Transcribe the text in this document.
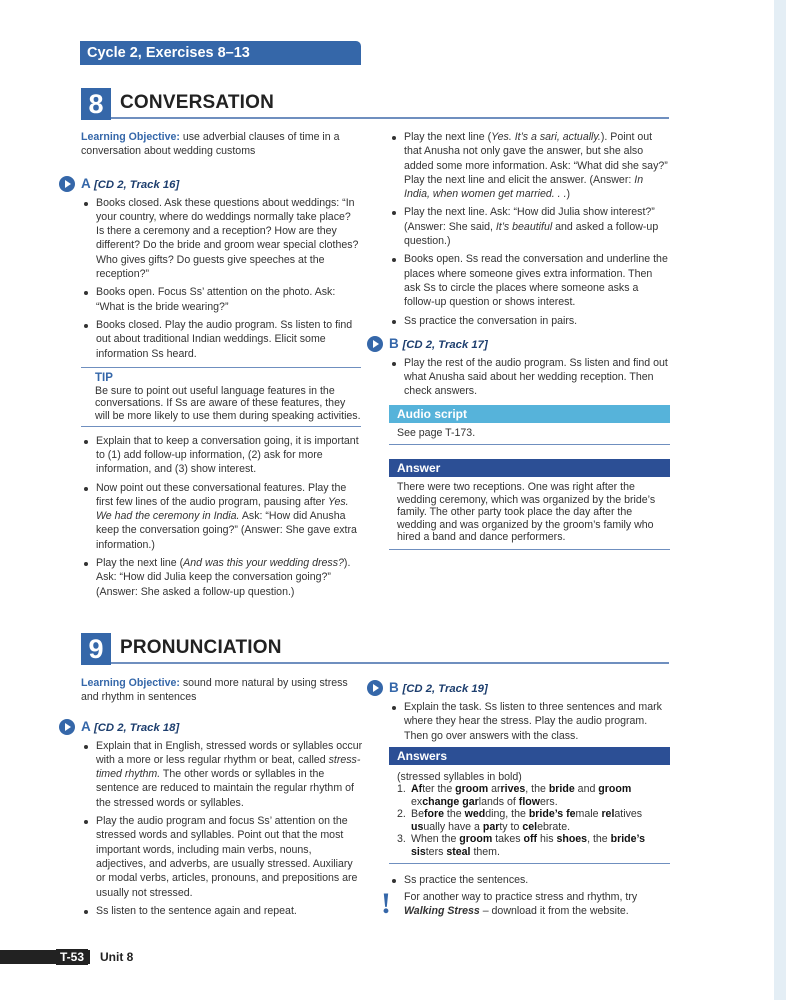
Cycle 2, Exercises 8–13
8 CONVERSATION

Learning Objective: use adverbial clauses of time in a conversation about wedding customs

A [CD 2, Track 16]
Books closed. Ask these questions about weddings: “In your country, where do weddings normally take place? Is there a ceremony and a reception? How are they different? Do the bride and groom wear special clothes? Who gives gifts? Do guests give speeches at the reception?”
Books open. Focus Ss’ attention on the photo. Ask: “What is the bride wearing?”
Books closed. Play the audio program. Ss listen to find out about traditional Indian weddings. Elicit some information Ss heard.
TIP
Be sure to point out useful language features in the conversations. If Ss are aware of these features, they will be more likely to use them during speaking activities.
Explain that to keep a conversation going, it is important to (1) add follow-up information, (2) ask for more information, and (3) show interest.
Now point out these conversational features. Play the first few lines of the audio program, pausing after Yes. We had the ceremony in India. Ask: “How did Anusha keep the conversation going?” (Answer: She gave extra information.)
Play the next line (And was this your wedding dress?). Ask: “How did Julia keep the conversation going?” (Answer: She asked a follow-up question.)
Play the next line (Yes. It’s a sari, actually.). Point out that Anusha not only gave the answer, but she also added some more information. Ask: “What did she say?” Play the next line and elicit the answer. (Answer: In India, when women get married. . .)
Play the next line. Ask: “How did Julia show interest?” (Answer: She said, It’s beautiful and asked a follow-up question.)
Books open. Ss read the conversation and underline the places where someone gives extra information. Then ask Ss to circle the places where someone asks a follow-up question or shows interest.
Ss practice the conversation in pairs.
B [CD 2, Track 17]
Play the rest of the audio program. Ss listen and find out what Anusha said about her wedding reception. Then check answers.
Audio script
See page T-173.
Answer
There were two receptions. One was right after the wedding ceremony, which was organized by the bride’s family. The other party took place the day after the wedding and was organized by the groom’s family who hired a band and dance performers.
9 PRONUNCIATION

Learning Objective: sound more natural by using stress and rhythm in sentences

A [CD 2, Track 18]
Explain that in English, stressed words or syllables occur with a more or less regular rhythm or beat, called stress-timed rhythm. The other words or syllables in the sentence are reduced to maintain the regular rhythm of the stressed words or syllables.
Play the audio program and focus Ss’ attention on the stressed words and syllables. Point out that the most important words, including main verbs, nouns, adjectives, and adverbs, are usually stressed. Auxiliary or modal verbs, articles, pronouns, and prepositions are usually not stressed.
Ss listen to the sentence again and repeat.
B [CD 2, Track 19]
Explain the task. Ss listen to three sentences and mark where they hear the stress. Play the audio program. Then go over answers with the class.
Answers
(stressed syllables in bold)
1. After the groom arrives, the bride and groom exchange garlands of flowers.
2. Before the wedding, the bride’s female relatives usually have a party to celebrate.
3. When the groom takes off his shoes, the bride’s sisters steal them.
Ss practice the sentences.
! For another way to practice stress and rhythm, try Walking Stress – download it from the website.
T-53	Unit 8
